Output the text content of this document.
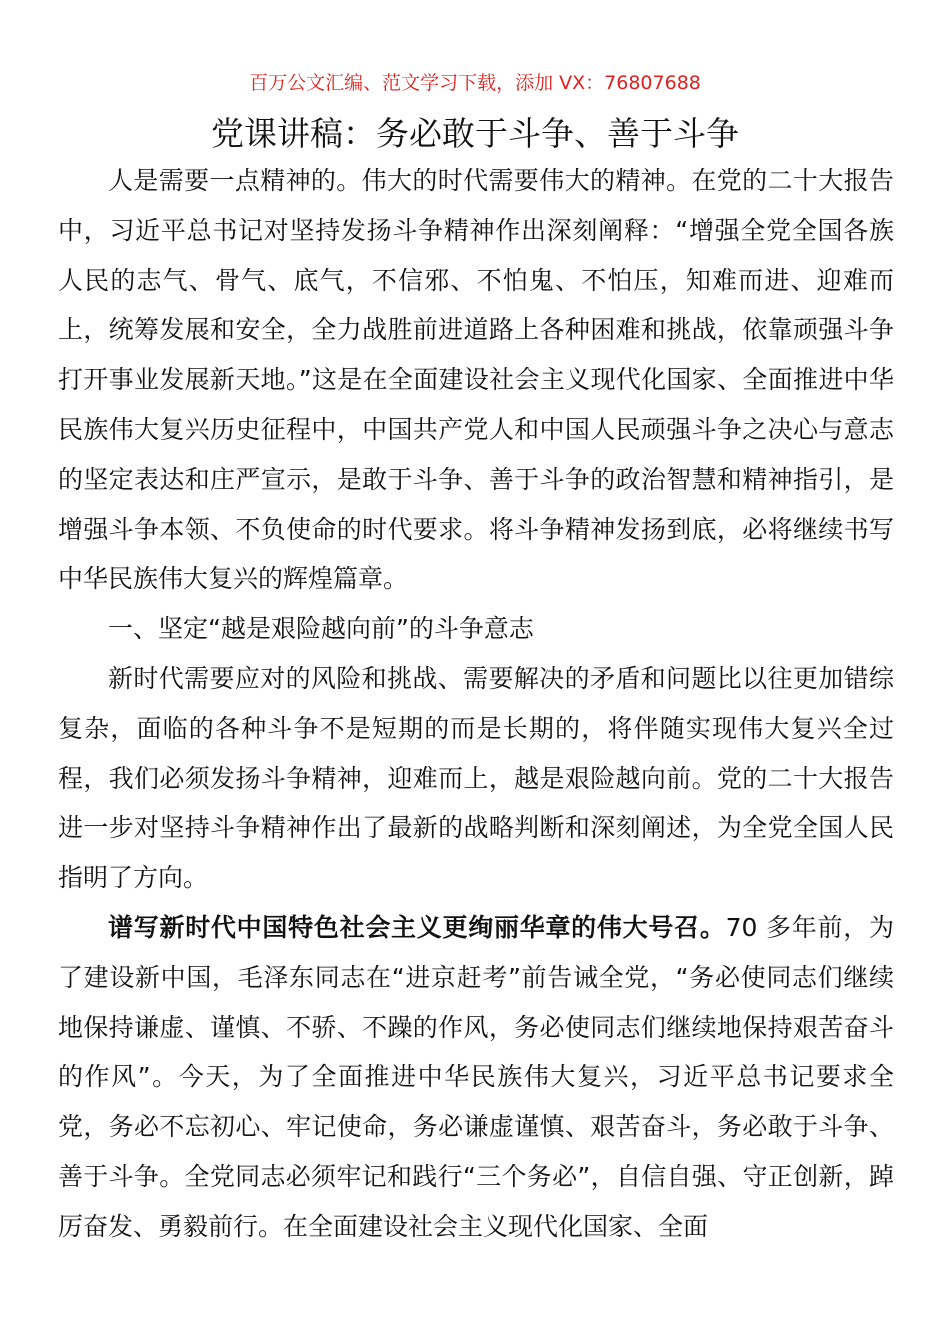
百万公文汇编、范文学习下载，添加 VX：76807688
党课讲稿：务必敢于斗争、善于斗争

人是需要一点精神的。伟大的时代需要伟大的精神。在党的二十大报告中，习近平总书记对坚持发扬斗争精神作出深刻阐释：“增强全党全国各族人民的志气、骨气、底气，不信邪、不怕鬼、不怕压，知难而进、迎难而上，统筹发展和安全，全力战胜前进道路上各种困难和挑战，依靠顽强斗争打开事业发展新天地。”这是在全面建设社会主义现代化国家、全面推进中华民族伟大复兴历史征程中，中国共产党人和中国人民顽强斗争之决心与意志的坚定表达和庄严宣示，是敢于斗争、善于斗争的政治智慧和精神指引，是增强斗争本领、不负使命的时代要求。将斗争精神发扬到底，必将继续书写中华民族伟大复兴的辉煌篇章。

一、坚定“越是艰险越向前”的斗争意志

新时代需要应对的风险和挑战、需要解决的矛盾和问题比以往更加错综复杂，面临的各种斗争不是短期的而是长期的，将伴随实现伟大复兴全过程，我们必须发扬斗争精神，迎难而上，越是艰险越向前。党的二十大报告进一步对坚持斗争精神作出了最新的战略判断和深刻阐述，为全党全国人民指明了方向。

谱写新时代中国特色社会主义更绚丽华章的伟大号召。70 多年前，为了建设新中国，毛泽东同志在“进京赶考”前告诫全党，“务必使同志们继续地保持谦虚、谨慎、不骄、不躁的作风，务必使同志们继续地保持艰苦奋斗的作风”。今天，为了全面推进中华民族伟大复兴，习近平总书记要求全党，务必不忘初心、牢记使命，务必谦虚谨慎、艰苦奋斗，务必敢于斗争、善于斗争。全党同志必须牢记和践行“三个务必”，自信自强、守正创新，踔厉奋发、勇毅前行。在全面建设社会主义现代化国家、全面
